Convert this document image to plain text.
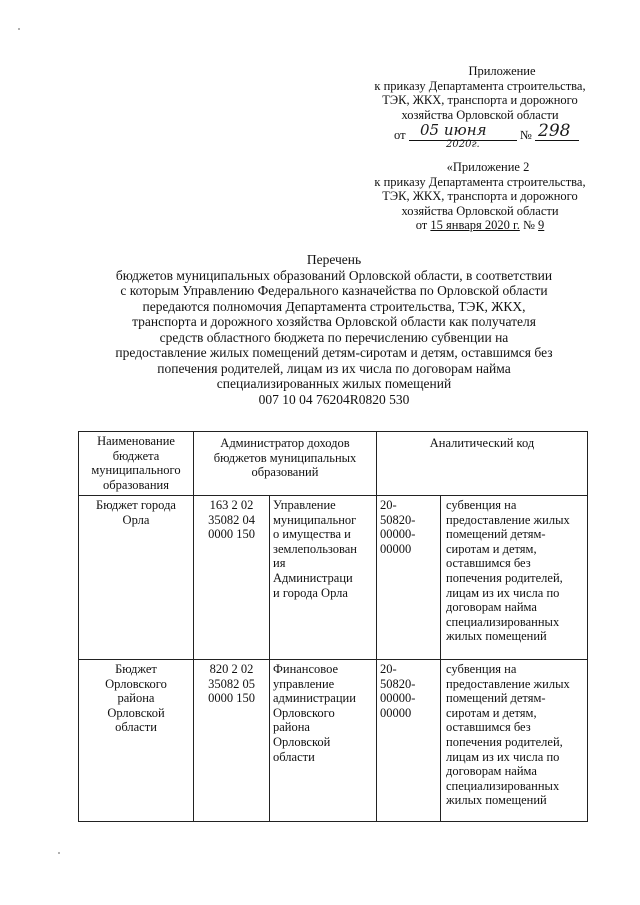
Приложение
к приказу Департамента строительства,
ТЭК, ЖКХ, транспорта и дорожного
хозяйства Орловской области
от	№
05 июня
2020г.
298
«Приложение 2
к приказу Департамента строительства,
ТЭК, ЖКХ, транспорта и дорожного
хозяйства Орловской области
от 15 января 2020 г. № 9
Перечень
бюджетов муниципальных образований Орловской области, в соответствии
с которым Управлению Федерального казначейства по Орловской области
передаются полномочия Департамента строительства, ТЭК, ЖКХ,
транспорта и дорожного хозяйства Орловской области как получателя
средств областного бюджета по перечислению субвенции на
предоставление жилых помещений детям-сиротам и детям, оставшимся без
попечения родителей, лицам из их числа по договорам найма
специализированных жилых помещений
007 10 04 76204R0820 530
Наименование
бюджета
муниципального
образования
Администратор доходов
бюджетов муниципальных
образований
Аналитический код
Бюджет города
Орла
163 2 02
35082 04
0000 150
Управление
муниципальног
о имущества и
землепользован
ия
Администраци
и города Орла
20-
50820-
00000-
00000
субвенция на
предоставление жилых
помещений детям-
сиротам и детям,
оставшимся без
попечения родителей,
лицам из их числа по
договорам найма
специализированных
жилых помещений
Бюджет
Орловского
района
Орловской
области
820 2 02
35082 05
0000 150
Финансовое
управление
администрации
Орловского
района
Орловской
области
20-
50820-
00000-
00000
субвенция на
предоставление жилых
помещений детям-
сиротам и детям,
оставшимся без
попечения родителей,
лицам из их числа по
договорам найма
специализированных
жилых помещений
